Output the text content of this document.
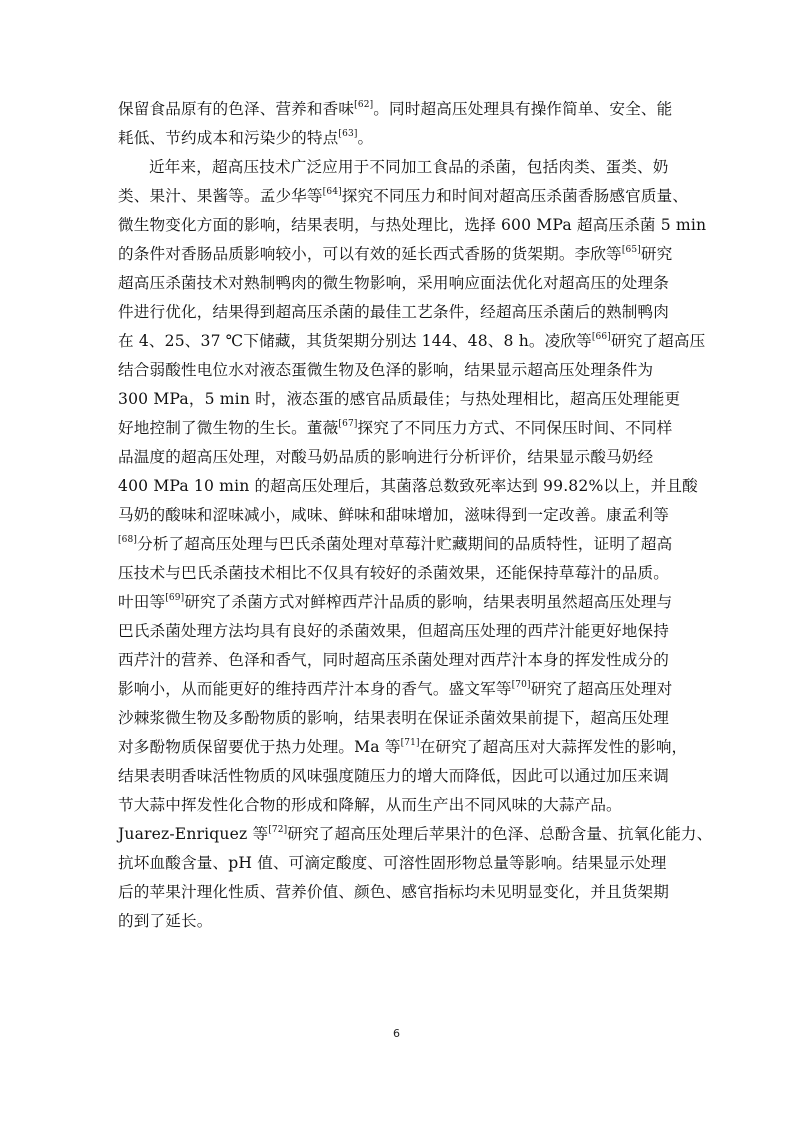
保留食品原有的色泽、营养和香味[62]。同时超高压处理具有操作简单、安全、能
耗低、节约成本和污染少的特点[63]。
近年来，超高压技术广泛应用于不同加工食品的杀菌，包括肉类、蛋类、奶
类、果汁、果酱等。孟少华等[64]探究不同压力和时间对超高压杀菌香肠感官质量、
微生物变化方面的影响，结果表明，与热处理比，选择 600 MPa 超高压杀菌 5 min
的条件对香肠品质影响较小，可以有效的延长西式香肠的货架期。李欣等[65]研究
超高压杀菌技术对熟制鸭肉的微生物影响，采用响应面法优化对超高压的处理条
件进行优化，结果得到超高压杀菌的最佳工艺条件，经超高压杀菌后的熟制鸭肉
在 4、25、37 ℃下储藏，其货架期分别达 144、48、8 h。凌欣等[66]研究了超高压
结合弱酸性电位水对液态蛋微生物及色泽的影响，结果显示超高压处理条件为
300 MPa，5 min 时，液态蛋的感官品质最佳；与热处理相比，超高压处理能更
好地控制了微生物的生长。董薇[67]探究了不同压力方式、不同保压时间、不同样
品温度的超高压处理，对酸马奶品质的影响进行分析评价，结果显示酸马奶经
400 MPa 10 min 的超高压处理后，其菌落总数致死率达到 99.82%以上，并且酸
马奶的酸味和涩味减小，咸味、鲜味和甜味增加，滋味得到一定改善。康孟利等
[68]分析了超高压处理与巴氏杀菌处理对草莓汁贮藏期间的品质特性，证明了超高
压技术与巴氏杀菌技术相比不仅具有较好的杀菌效果，还能保持草莓汁的品质。
叶田等[69]研究了杀菌方式对鲜榨西芹汁品质的影响，结果表明虽然超高压处理与
巴氏杀菌处理方法均具有良好的杀菌效果，但超高压处理的西芹汁能更好地保持
西芹汁的营养、色泽和香气，同时超高压杀菌处理对西芹汁本身的挥发性成分的
影响小，从而能更好的维持西芹汁本身的香气。盛文军等[70]研究了超高压处理对
沙棘浆微生物及多酚物质的影响，结果表明在保证杀菌效果前提下，超高压处理
对多酚物质保留要优于热力处理。Ma 等[71]在研究了超高压对大蒜挥发性的影响，
结果表明香味活性物质的风味强度随压力的增大而降低，因此可以通过加压来调
节大蒜中挥发性化合物的形成和降解，从而生产出不同风味的大蒜产品。
Juarez-Enriquez 等[72]研究了超高压处理后苹果汁的色泽、总酚含量、抗氧化能力、
抗坏血酸含量、pH 值、可滴定酸度、可溶性固形物总量等影响。结果显示处理
后的苹果汁理化性质、营养价值、颜色、感官指标均未见明显变化，并且货架期
的到了延长。
6
